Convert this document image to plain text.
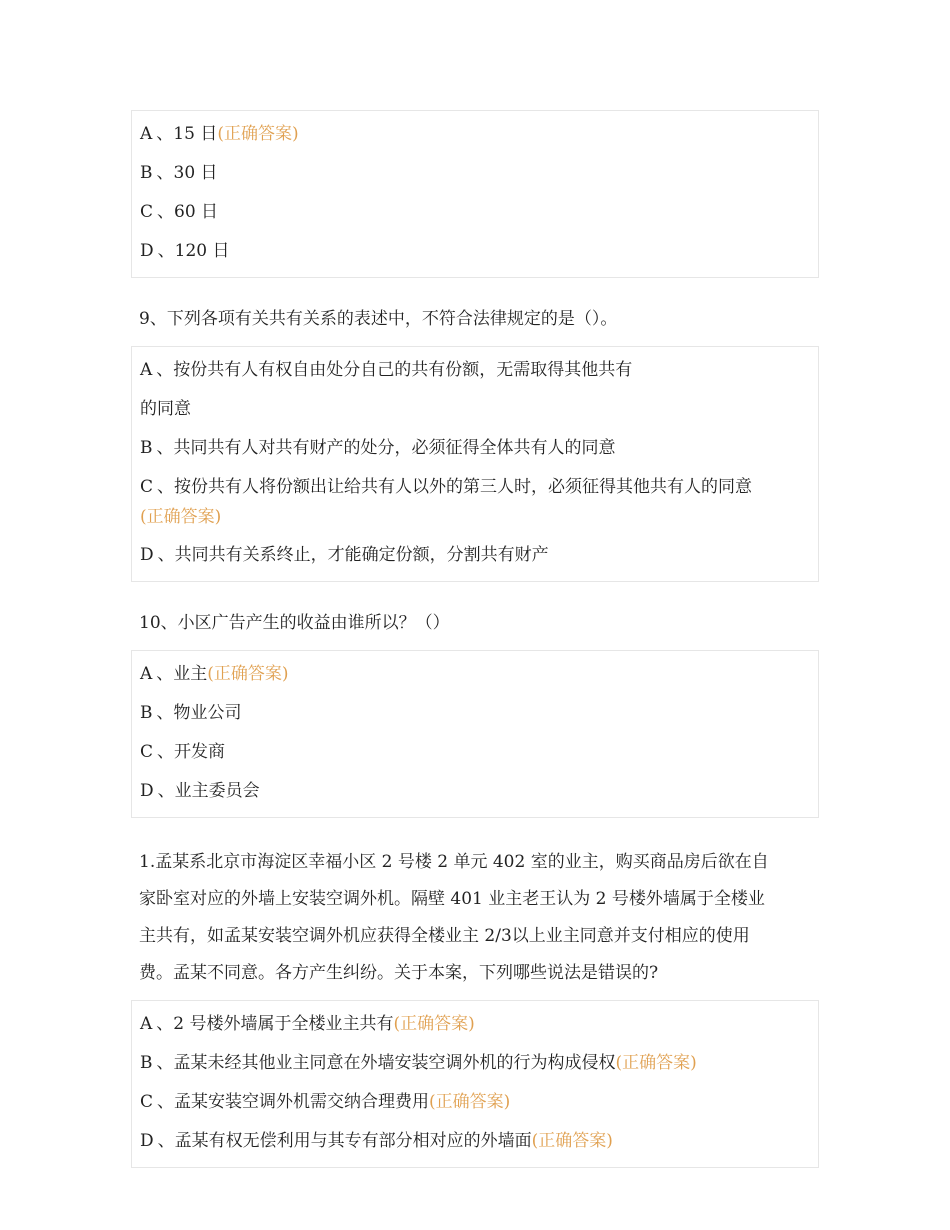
A 、15 日(正确答案)
B 、30 日
C 、60 日
D 、120 日
9、下列各项有关共有关系的表述中，不符合法律规定的是（）。
A 、按份共有人有权自由处分自己的共有份额，无需取得其他共有
的同意
B 、共同共有人对共有财产的处分，必须征得全体共有人的同意
C 、按份共有人将份额出让给共有人以外的第三人时，必须征得其他共有人的同意
(正确答案)
D 、共同共有关系终止，才能确定份额，分割共有财产
10、小区广告产生的收益由谁所以？（）
A 、业主(正确答案)
B 、物业公司
C 、开发商
D 、业主委员会
1.孟某系北京市海淀区幸福小区 2 号楼 2 单元 402 室的业主，购买商品房后欲在自
家卧室对应的外墙上安装空调外机。隔壁 401 业主老王认为 2 号楼外墙属于全楼业
主共有，如孟某安装空调外机应获得全楼业主 2/3以上业主同意并支付相应的使用
费。孟某不同意。各方产生纠纷。关于本案，下列哪些说法是错误的?
A 、2 号楼外墙属于全楼业主共有(正确答案)
B 、孟某未经其他业主同意在外墙安装空调外机的行为构成侵权(正确答案)
C 、孟某安装空调外机需交纳合理费用(正确答案)
D 、孟某有权无偿利用与其专有部分相对应的外墙面(正确答案)
